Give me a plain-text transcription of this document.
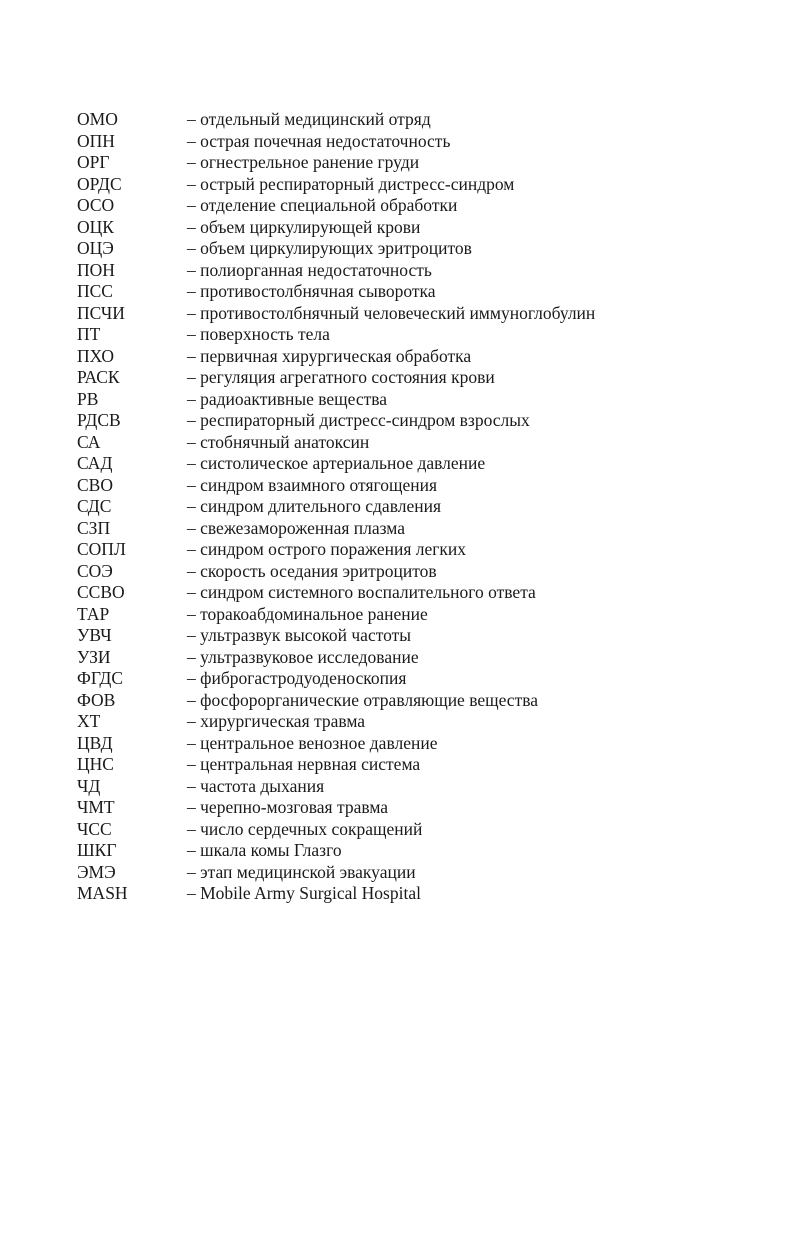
ОМО	– отдельный медицинский отряд
ОПН	– острая почечная недостаточность
ОРГ	– огнестрельное ранение груди
ОРДС	– острый респираторный дистресс-синдром
ОСО	– отделение специальной обработки
ОЦК	– объем циркулирующей крови
ОЦЭ	– объем циркулирующих эритроцитов
ПОН	– полиорганная недостаточность
ПСС	– противостолбнячная сыворотка
ПСЧИ	– противостолбнячный человеческий иммуноглобулин
ПТ	– поверхность тела
ПХО	– первичная хирургическая обработка
РАСК	– регуляция агрегатного состояния крови
РВ	– радиоактивные вещества
РДСВ	– респираторный дистресс-синдром взрослых
СА	– стобнячный анатоксин
САД	– систолическое артериальное давление
СВО	– синдром взаимного отягощения
СДС	– синдром длительного сдавления
СЗП	– свежезамороженная плазма
СОПЛ	– синдром острого поражения легких
СОЭ	– скорость оседания эритроцитов
ССВО	– синдром системного воспалительного ответа
ТАР	– торакоабдоминальное ранение
УВЧ	– ультразвук высокой частоты
УЗИ	– ультразвуковое исследование
ФГДС	– фиброгастродуоденоскопия
ФОВ	– фосфорорганические отравляющие вещества
ХТ	– хирургическая травма
ЦВД	– центральное венозное давление
ЦНС	– центральная нервная система
ЧД	– частота дыхания
ЧМТ	– черепно-мозговая травма
ЧСС	– число сердечных сокращений
ШКГ	– шкала комы Глазго
ЭМЭ	– этап медицинской эвакуации
MASH	– Mobile Army Surgical Hospital
